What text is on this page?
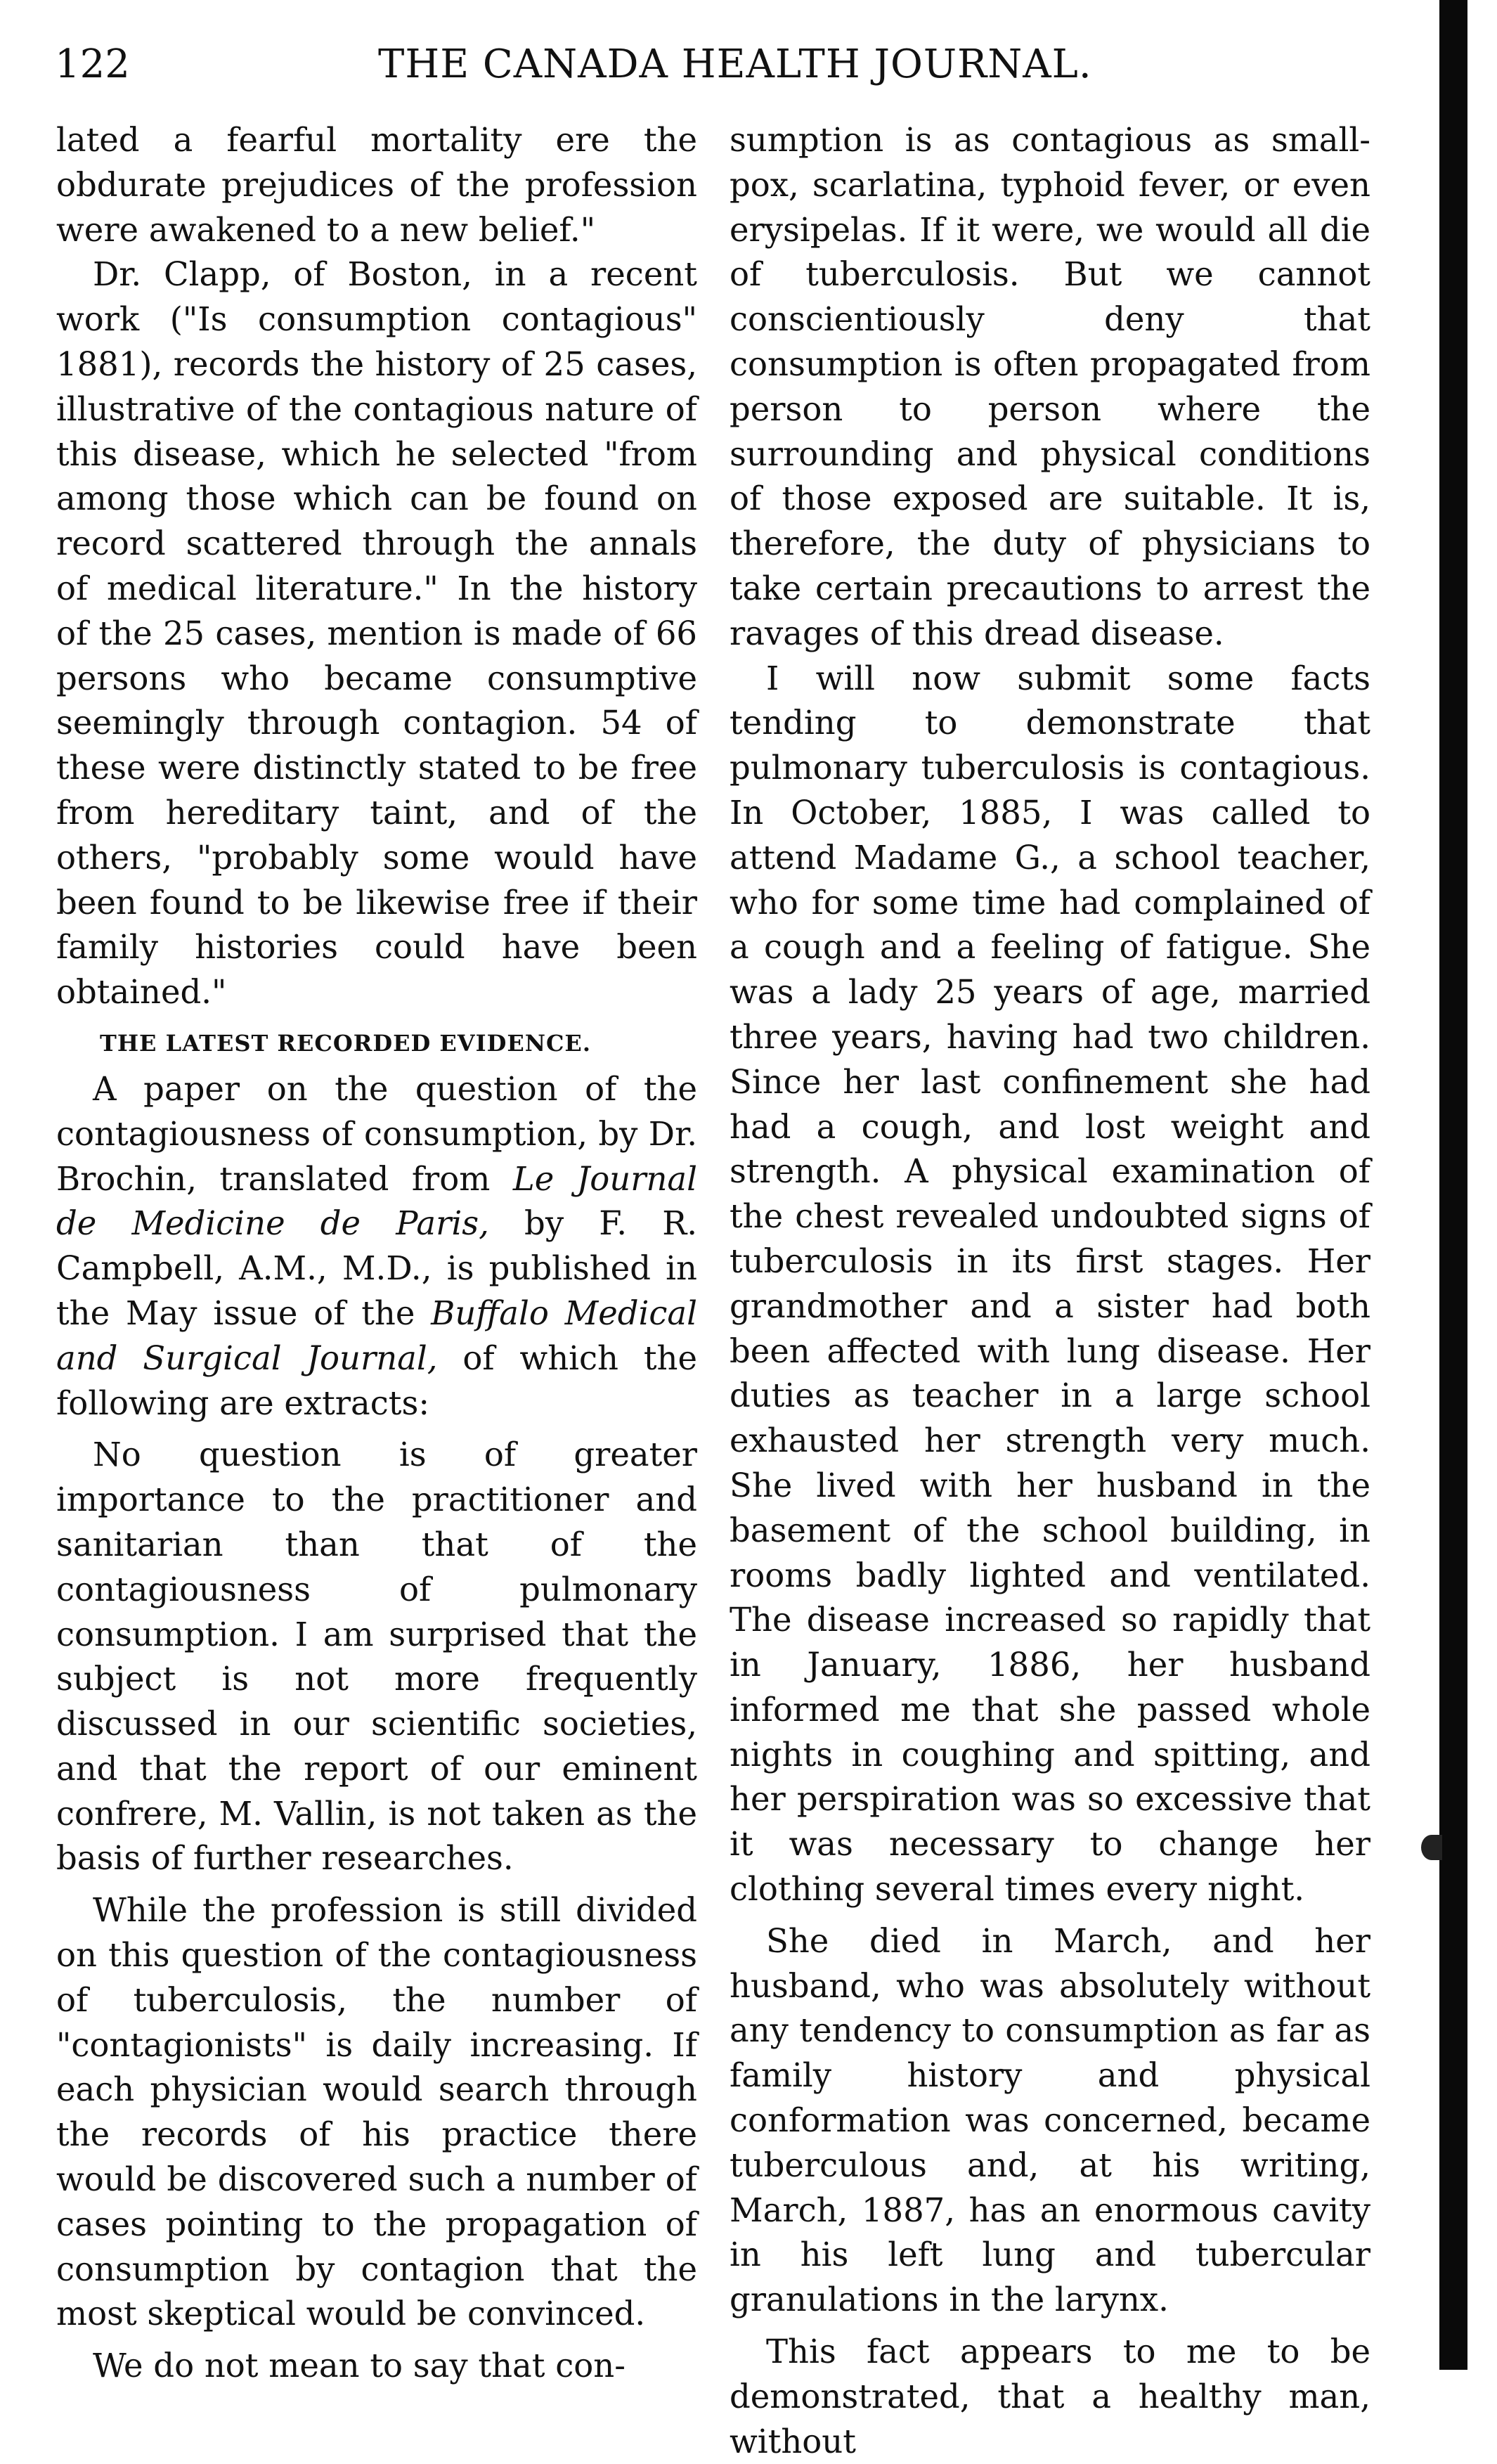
122	THE CANADA HEALTH JOURNAL.

lated a fearful mortality ere the obdurate prejudices of the profession were awakened to a new belief."

Dr. Clapp, of Boston, in a recent work ("Is consumption contagious" 1881), records the history of 25 cases, illustrative of the contagious nature of this disease, which he selected "from among those which can be found on record scattered through the annals of medical literature." In the history of the 25 cases, mention is made of 66 persons who became consumptive seemingly through contagion. 54 of these were distinctly stated to be free from hereditary taint, and of the others, "probably some would have been found to be likewise free if their family histories could have been obtained."

THE LATEST RECORDED EVIDENCE.

A paper on the question of the contagiousness of consumption, by Dr. Brochin, translated from Le Journal de Medicine de Paris, by F. R. Campbell, A.M., M.D., is published in the May issue of the Buffalo Medical and Surgical Journal, of which the following are extracts:

No question is of greater importance to the practitioner and sanitarian than that of the contagiousness of pulmonary consumption. I am surprised that the subject is not more frequently discussed in our scientific societies, and that the report of our eminent confrere, M. Vallin, is not taken as the basis of further researches.

While the profession is still divided on this question of the contagiousness of tuberculosis, the number of "contagionists" is daily increasing. If each physician would search through the records of his practice there would be discovered such a number of cases pointing to the propagation of consumption by contagion that the most skeptical would be convinced.

We do not mean to say that con-

sumption is as contagious as small-pox, scarlatina, typhoid fever, or even erysipelas. If it were, we would all die of tuberculosis. But we cannot conscientiously deny that consumption is often propagated from person to person where the surrounding and physical conditions of those exposed are suitable. It is, therefore, the duty of physicians to take certain precautions to arrest the ravages of this dread disease.

I will now submit some facts tending to demonstrate that pulmonary tuberculosis is contagious. In October, 1885, I was called to attend Madame G., a school teacher, who for some time had complained of a cough and a feeling of fatigue. She was a lady 25 years of age, married three years, having had two children. Since her last confinement she had had a cough, and lost weight and strength. A physical examination of the chest revealed undoubted signs of tuberculosis in its first stages. Her grandmother and a sister had both been affected with lung disease. Her duties as teacher in a large school exhausted her strength very much. She lived with her husband in the basement of the school building, in rooms badly lighted and ventilated. The disease increased so rapidly that in January, 1886, her husband informed me that she passed whole nights in coughing and spitting, and her perspiration was so excessive that it was necessary to change her clothing several times every night.

She died in March, and her husband, who was absolutely without any tendency to consumption as far as family history and physical conformation was concerned, became tuberculous and, at his writing, March, 1887, has an enormous cavity in his left lung and tubercular granulations in the larynx.

This fact appears to me to be demonstrated, that a healthy man, without
